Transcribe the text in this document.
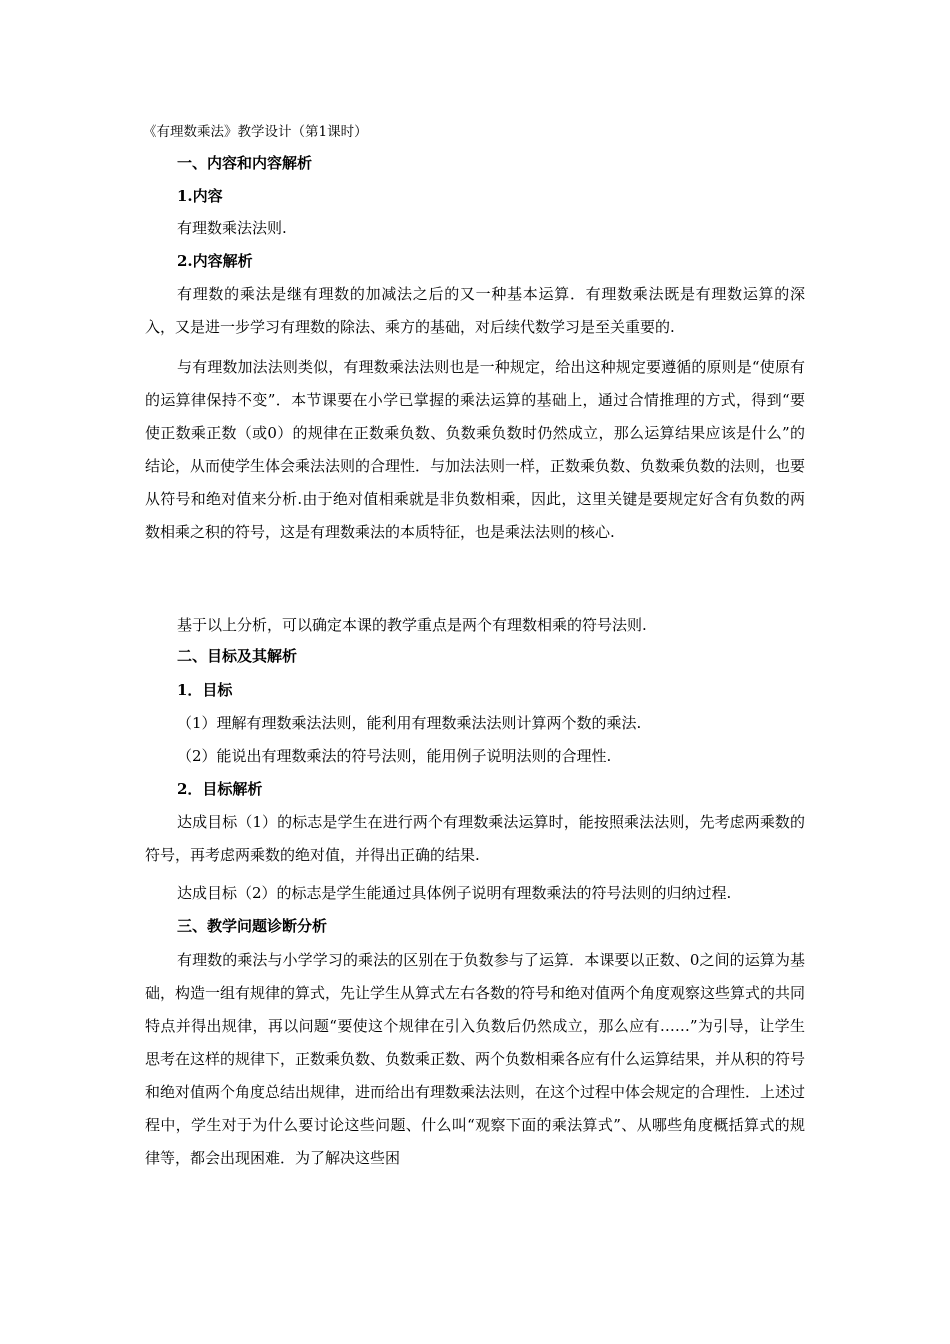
《有理数乘法》教学设计（第1课时）
一、内容和内容解析
1.内容
有理数乘法法则.
2.内容解析
有理数的乘法是继有理数的加减法之后的又一种基本运算．有理数乘法既是有理数运算的深入，又是进一步学习有理数的除法、乘方的基础，对后续代数学习是至关重要的.
与有理数加法法则类似，有理数乘法法则也是一种规定，给出这种规定要遵循的原则是“使原有的运算律保持不变”．本节课要在小学已掌握的乘法运算的基础上，通过合情推理的方式，得到“要使正数乘正数（或0）的规律在正数乘负数、负数乘负数时仍然成立，那么运算结果应该是什么”的结论，从而使学生体会乘法法则的合理性．与加法法则一样，正数乘负数、负数乘负数的法则，也要从符号和绝对值来分析.由于绝对值相乘就是非负数相乘，因此，这里关键是要规定好含有负数的两数相乘之积的符号，这是有理数乘法的本质特征，也是乘法法则的核心.
基于以上分析，可以确定本课的教学重点是两个有理数相乘的符号法则.
二、目标及其解析
1．目标
（1）理解有理数乘法法则，能利用有理数乘法法则计算两个数的乘法.
（2）能说出有理数乘法的符号法则，能用例子说明法则的合理性.
2．目标解析
达成目标（1）的标志是学生在进行两个有理数乘法运算时，能按照乘法法则，先考虑两乘数的符号，再考虑两乘数的绝对值，并得出正确的结果.
达成目标（2）的标志是学生能通过具体例子说明有理数乘法的符号法则的归纳过程.
三、教学问题诊断分析
有理数的乘法与小学学习的乘法的区别在于负数参与了运算．本课要以正数、0之间的运算为基础，构造一组有规律的算式，先让学生从算式左右各数的符号和绝对值两个角度观察这些算式的共同特点并得出规律，再以问题“要使这个规律在引入负数后仍然成立，那么应有……”为引导，让学生思考在这样的规律下，正数乘负数、负数乘正数、两个负数相乘各应有什么运算结果，并从积的符号和绝对值两个角度总结出规律，进而给出有理数乘法法则，在这个过程中体会规定的合理性．上述过程中，学生对于为什么要讨论这些问题、什么叫“观察下面的乘法算式”、从哪些角度概括算式的规律等，都会出现困难．为了解决这些困
